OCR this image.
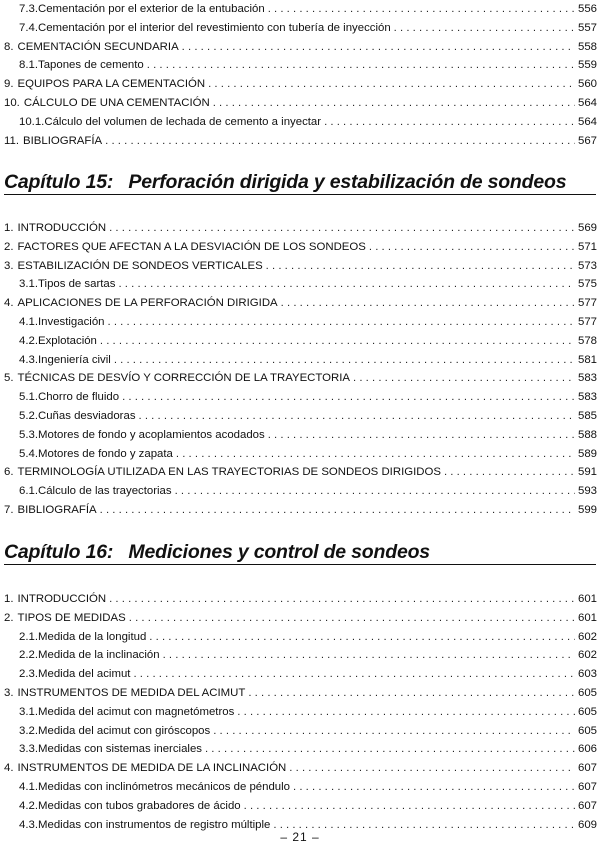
7.3. Cementación por el exterior de la entubación . . .	556
7.4. Cementación por el interior del revestimiento con tubería de inyección . . .	557
8. CEMENTACIÓN SECUNDARIA . . .	558
8.1. Tapones de cemento . . .	559
9. EQUIPOS PARA LA CEMENTACIÓN . . .	560
10. CÁLCULO DE UNA CEMENTACIÓN . . .	564
10.1. Cálculo del volumen de lechada de cemento a inyectar . . .	564
11. BIBLIOGRAFÍA . . .	567
Capítulo 15: Perforación dirigida y estabilización de sondeos
1. INTRODUCCIÓN . . .	569
2. FACTORES QUE AFECTAN A LA DESVIACIÓN DE LOS SONDEOS . . .	571
3. ESTABILIZACIÓN DE SONDEOS VERTICALES . . .	573
3.1. Tipos de sartas . . .	575
4. APLICACIONES DE LA PERFORACIÓN DIRIGIDA . . .	577
4.1. Investigación . . .	577
4.2. Explotación . . .	578
4.3. Ingeniería civil . . .	581
5. TÉCNICAS DE DESVÍO Y CORRECCIÓN DE LA TRAYECTORIA . . .	583
5.1. Chorro de fluido . . .	583
5.2. Cuñas desviadoras . . .	585
5.3. Motores de fondo y acoplamientos acodados . . .	588
5.4. Motores de fondo y zapata . . .	589
6. TERMINOLOGÍA UTILIZADA EN LAS TRAYECTORIAS DE SONDEOS DIRIGIDOS . . .	591
6.1. Cálculo de las trayectorias . . .	593
7. BIBLIOGRAFÍA . . .	599
Capítulo 16: Mediciones y control de sondeos
1. INTRODUCCIÓN . . .	601
2. TIPOS DE MEDIDAS . . .	601
2.1. Medida de la longitud . . .	602
2.2. Medida de la inclinación . . .	602
2.3. Medida del acimut . . .	603
3. INSTRUMENTOS DE MEDIDA DEL ACIMUT . . .	605
3.1. Medida del acimut con magnetómetros . . .	605
3.2. Medida del acimut con giróscopos . . .	605
3.3. Medidas con sistemas inerciales . . .	606
4. INSTRUMENTOS DE MEDIDA DE LA INCLINACIÓN . . .	607
4.1. Medidas con inclinómetros mecánicos de péndulo . . .	607
4.2. Medidas con tubos grabadores de ácido . . .	607
4.3. Medidas con instrumentos de registro múltiple . . .	609
– 21 –
